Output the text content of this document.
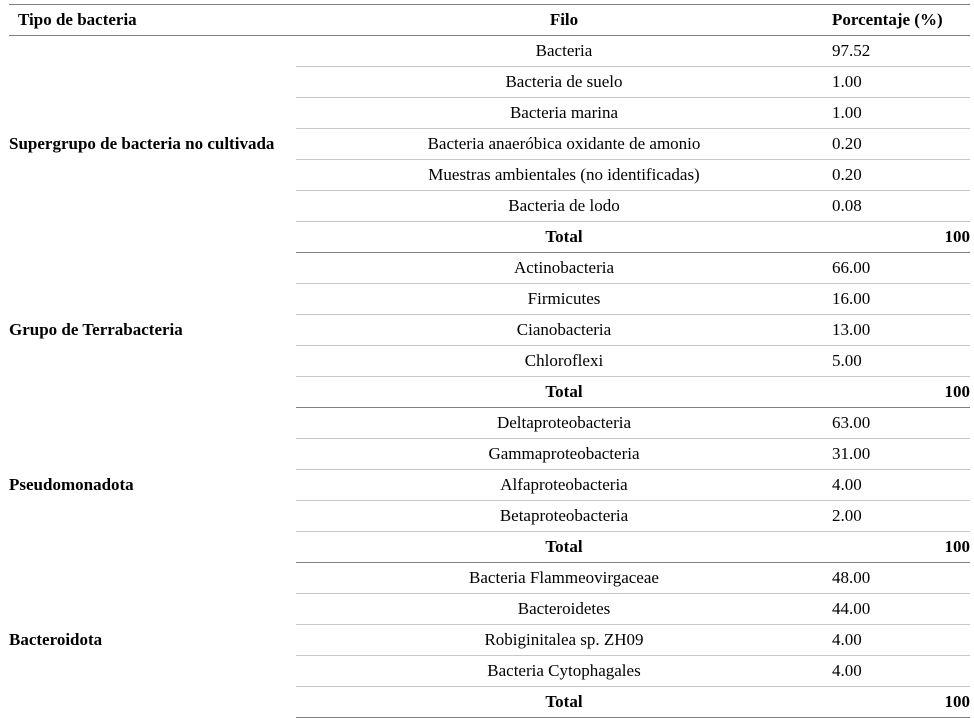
Tipo de bacteria	Filo	Porcentaje (%)
Supergrupo de bacteria no cultivada	Bacteria	97.52
	Bacteria de suelo	1.00
	Bacteria marina	1.00
	Bacteria anaeróbica oxidante de amonio	0.20
	Muestras ambientales (no identificadas)	0.20
	Bacteria de lodo	0.08
	Total	100
Grupo de Terrabacteria	Actinobacteria	66.00
	Firmicutes	16.00
	Cianobacteria	13.00
	Chloroflexi	5.00
	Total	100
Pseudomonadota	Deltaproteobacteria	63.00
	Gammaproteobacteria	31.00
	Alfaproteobacteria	4.00
	Betaproteobacteria	2.00
	Total	100
Bacteroidota	Bacteria Flammeovirgaceae	48.00
	Bacteroidetes	44.00
	Robiginitalea sp. ZH09	4.00
	Bacteria Cytophagales	4.00
	Total	100
